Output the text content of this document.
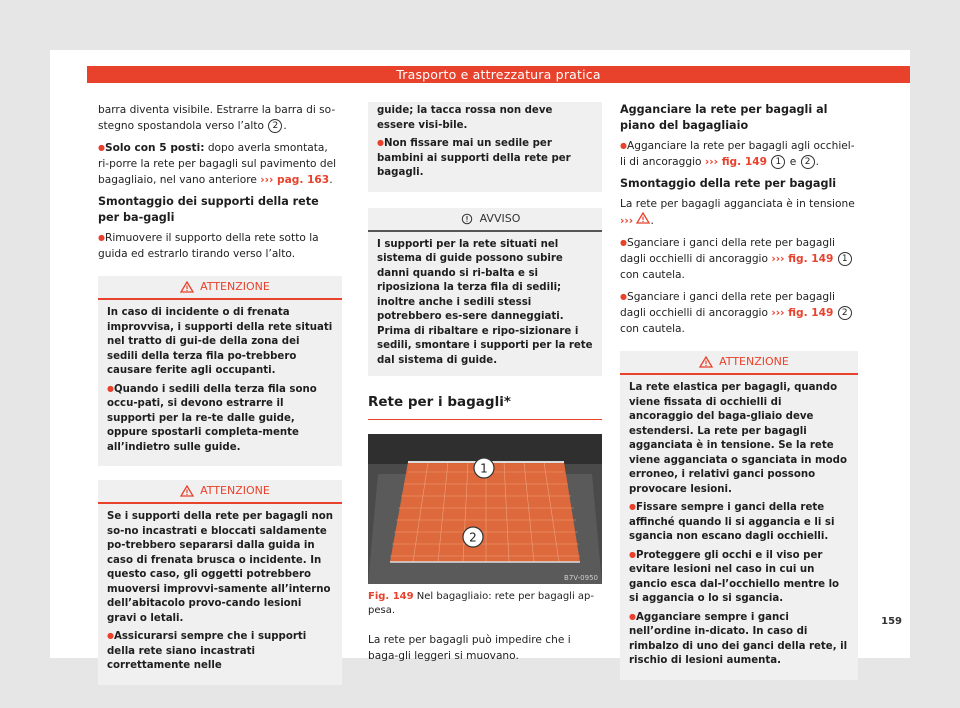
Trasporto e attrezzatura pratica

barra diventa visibile. Estrarre la barra di so-stegno spostandola verso l’alto 2 .

● Solo con 5 posti: dopo averla smontata, ri-porre la rete per bagagli sul pavimento del bagagliaio, nel vano anteriore ››› pag. 163.

Smontaggio dei supporti della rete per ba-gagli

● Rimuovere il supporto della rete sotto la guida ed estrarlo tirando verso l’alto.

ATTENZIONE

In caso di incidente o di frenata improvvisa, i supporti della rete situati nel tratto di gui-de della zona dei sedili della terza fila po-trebbero causare ferite agli occupanti.

● Quando i sedili della terza fila sono occu-pati, si devono estrarre il supporti per la re-te dalle guide, oppure spostarli completa-mente all’indietro sulle guide.

ATTENZIONE

Se i supporti della rete per bagagli non so-no incastrati e bloccati saldamente po-trebbero separarsi dalla guida in caso di frenata brusca o incidente. In questo caso, gli oggetti potrebbero muoversi improvvi-samente all’interno dell’abitacolo provo-cando lesioni gravi o letali.

● Assicurarsi sempre che i supporti della rete siano incastrati correttamente nelle

guide; la tacca rossa non deve essere visi-bile.

● Non fissare mai un sedile per bambini ai supporti della rete per bagagli.

AVVISO
I supporti per la rete situati nel sistema di guide possono subire danni quando si ri-balta e si riposiziona la terza fila di sedili; inoltre anche i sedili stessi potrebbero es-sere danneggiati. Prima di ribaltare e ripo-sizionare i sedili, smontare i supporti per la rete dal sistema di guide.
Rete per i bagagli*
1
2
B7V-0950
Fig. 149 Nel bagagliaio: rete per bagagli ap-pesa.

La rete per bagagli può impedire che i baga-gli leggeri si muovano.

Agganciare la rete per bagagli al piano del bagagliaio

● Agganciare la rete per bagagli agli occhiel-li di ancoraggio ››› fig. 149 1 e 2 .

Smontaggio della rete per bagagli

La rete per bagagli agganciata è in tensione ››› .

● Sganciare i ganci della rete per bagagli dagli occhielli di ancoraggio ››› fig. 149 1 con cautela.

● Sganciare i ganci della rete per bagagli dagli occhielli di ancoraggio ››› fig. 149 2 con cautela.

ATTENZIONE

La rete elastica per bagagli, quando viene fissata di occhielli di ancoraggio del baga-gliaio deve estendersi. La rete per bagagli agganciata è in tensione. Se la rete viene agganciata o sganciata in modo erroneo, i relativi ganci possono provocare lesioni.

● Fissare sempre i ganci della rete affinché quando li si aggancia e li si sgancia non escano dagli occhielli.

● Proteggere gli occhi e il viso per evitare lesioni nel caso in cui un gancio esca dal-l’occhiello mentre lo si aggancia o lo si sgancia.

● Agganciare sempre i ganci nell’ordine in-dicato. In caso di rimbalzo di uno dei ganci della rete, il rischio di lesioni aumenta.

159
